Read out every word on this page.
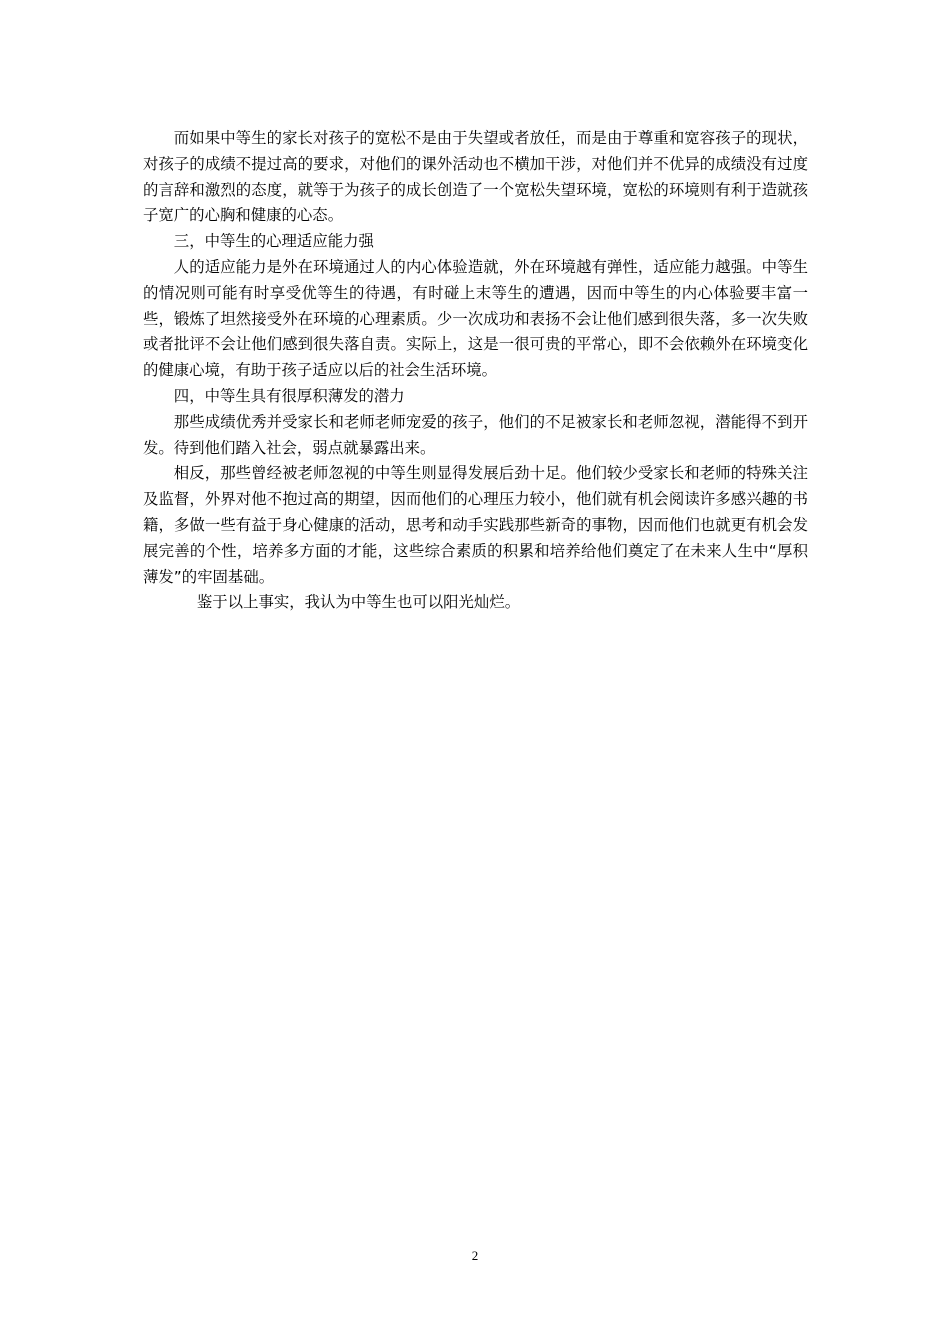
而如果中等生的家长对孩子的宽松不是由于失望或者放任，而是由于尊重和宽容孩子的现状，对孩子的成绩不提过高的要求，对他们的课外活动也不横加干涉，对他们并不优异的成绩没有过度的言辞和激烈的态度，就等于为孩子的成长创造了一个宽松失望环境，宽松的环境则有利于造就孩子宽广的心胸和健康的心态。

三，中等生的心理适应能力强

人的适应能力是外在环境通过人的内心体验造就，外在环境越有弹性，适应能力越强。中等生的情况则可能有时享受优等生的待遇，有时碰上末等生的遭遇，因而中等生的内心体验要丰富一些，锻炼了坦然接受外在环境的心理素质。少一次成功和表扬不会让他们感到很失落，多一次失败或者批评不会让他们感到很失落自责。实际上，这是一很可贵的平常心，即不会依赖外在环境变化的健康心境，有助于孩子适应以后的社会生活环境。

四，中等生具有很厚积薄发的潜力

那些成绩优秀并受家长和老师老师宠爱的孩子，他们的不足被家长和老师忽视，潜能得不到开发。待到他们踏入社会，弱点就暴露出来。

相反，那些曾经被老师忽视的中等生则显得发展后劲十足。他们较少受家长和老师的特殊关注及监督，外界对他不抱过高的期望，因而他们的心理压力较小，他们就有机会阅读许多感兴趣的书籍，多做一些有益于身心健康的活动，思考和动手实践那些新奇的事物，因而他们也就更有机会发展完善的个性，培养多方面的才能，这些综合素质的积累和培养给他们奠定了在未来人生中“厚积薄发”的牢固基础。

鉴于以上事实，我认为中等生也可以阳光灿烂。

2
